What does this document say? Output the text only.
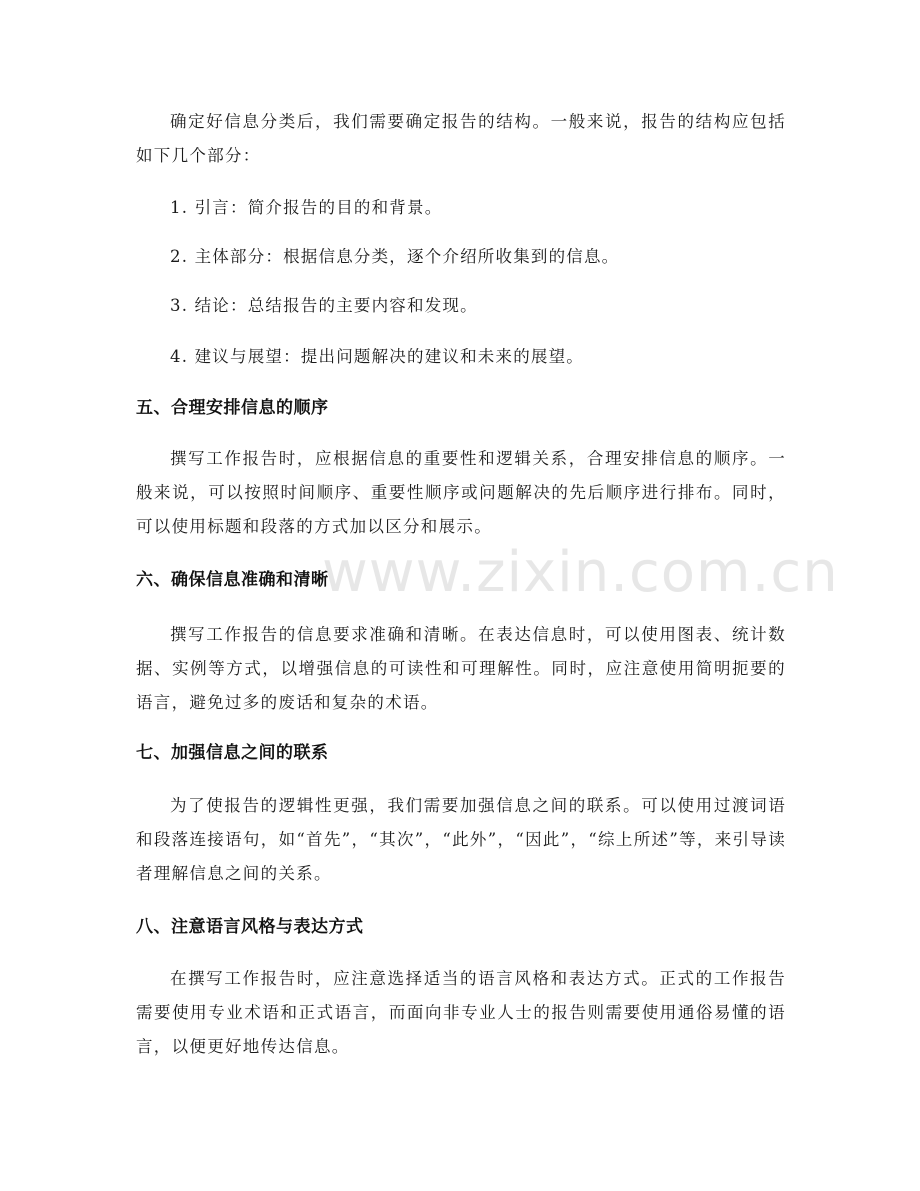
确定好信息分类后，我们需要确定报告的结构。一般来说，报告的结构应包括如下几个部分：

1. 引言：简介报告的目的和背景。

2. 主体部分：根据信息分类，逐个介绍所收集到的信息。

3. 结论：总结报告的主要内容和发现。

4. 建议与展望：提出问题解决的建议和未来的展望。

五、合理安排信息的顺序

撰写工作报告时，应根据信息的重要性和逻辑关系，合理安排信息的顺序。一般来说，可以按照时间顺序、重要性顺序或问题解决的先后顺序进行排布。同时，可以使用标题和段落的方式加以区分和展示。

六、确保信息准确和清晰

撰写工作报告的信息要求准确和清晰。在表达信息时，可以使用图表、统计数据、实例等方式，以增强信息的可读性和可理解性。同时，应注意使用简明扼要的语言，避免过多的废话和复杂的术语。

七、加强信息之间的联系

为了使报告的逻辑性更强，我们需要加强信息之间的联系。可以使用过渡词语和段落连接语句，如“首先”，“其次”，“此外”，“因此”，“综上所述”等，来引导读者理解信息之间的关系。

八、注意语言风格与表达方式

在撰写工作报告时，应注意选择适当的语言风格和表达方式。正式的工作报告需要使用专业术语和正式语言，而面向非专业人士的报告则需要使用通俗易懂的语言，以便更好地传达信息。

www.zixin.com.cn
